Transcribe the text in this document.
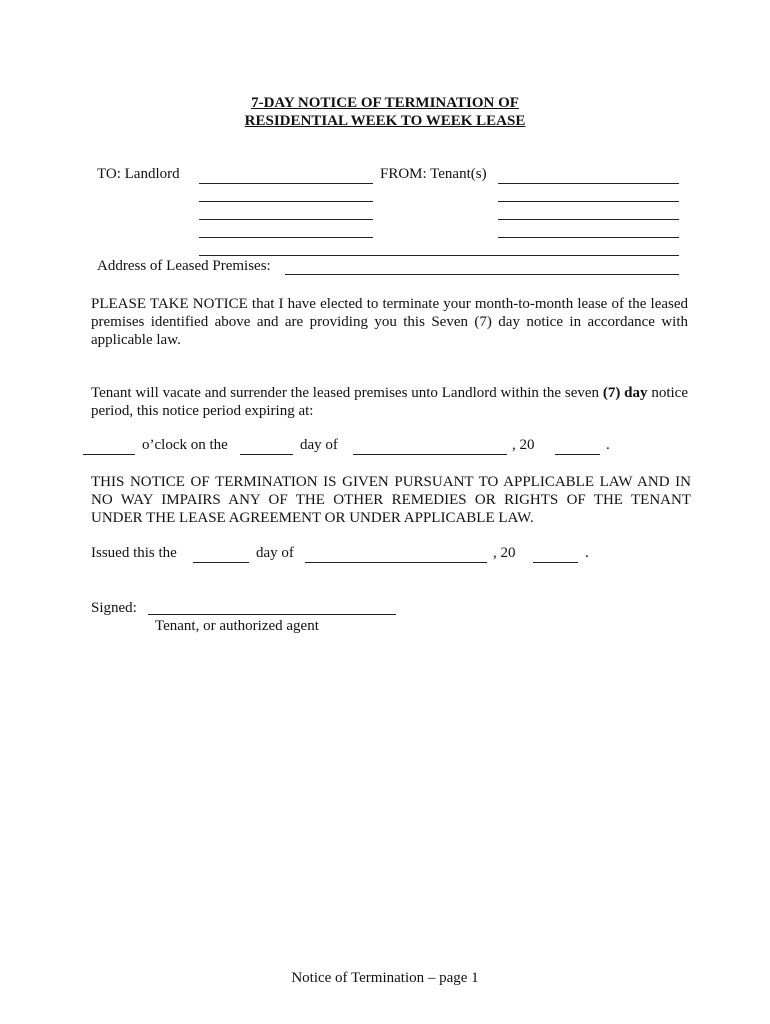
7-DAY NOTICE OF TERMINATION OF
RESIDENTIAL WEEK TO WEEK LEASE
TO: Landlord	FROM: Tenant(s)
Address of Leased Premises:
PLEASE TAKE NOTICE that I have elected to terminate your month-to-month lease of the leased premises identified above and are providing you this Seven (7) day notice in accordance with applicable law.
Tenant will vacate and surrender the leased premises unto Landlord within the seven (7) day notice period, this notice period expiring at:
o’clock on the	day of	, 20	.
THIS NOTICE OF TERMINATION IS GIVEN PURSUANT TO APPLICABLE LAW AND IN NO WAY IMPAIRS ANY OF THE OTHER REMEDIES OR RIGHTS OF THE TENANT UNDER THE LEASE AGREEMENT OR UNDER APPLICABLE LAW.
Issued this the	day of	, 20	.
Signed:
Tenant, or authorized agent
Notice of Termination – page 1
